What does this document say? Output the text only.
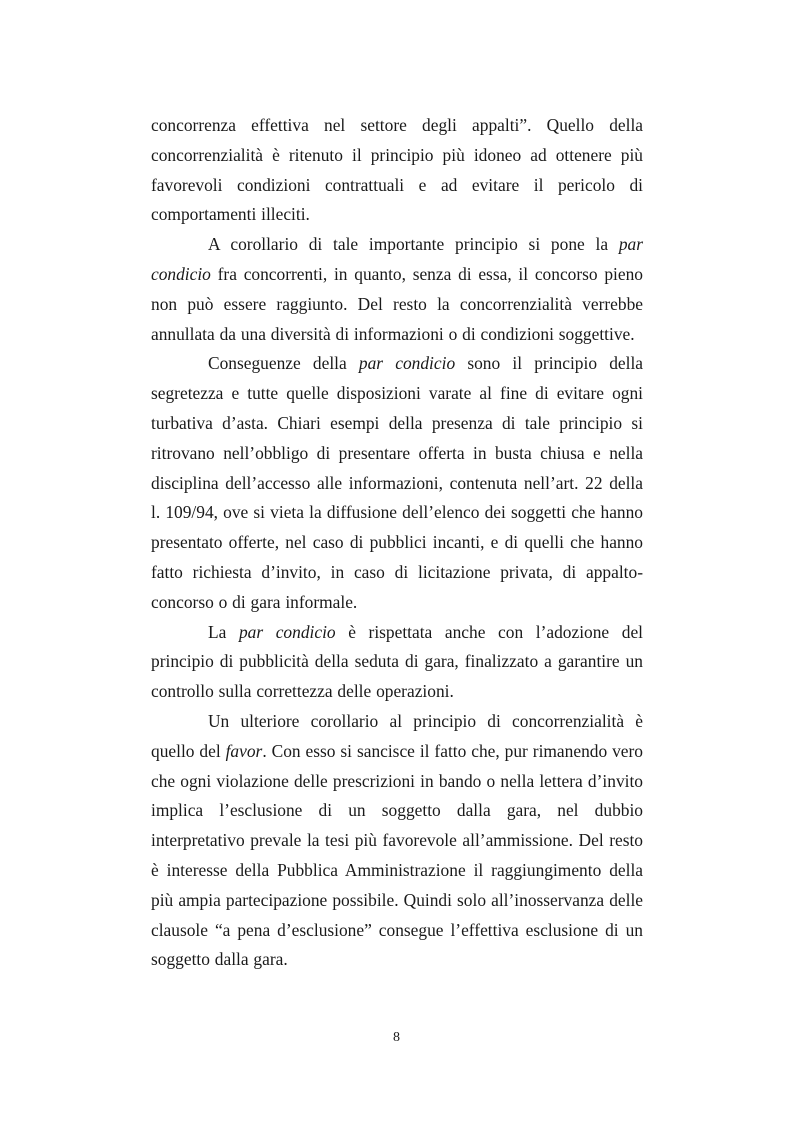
concorrenza effettiva nel settore degli appalti”. Quello della concorrenzialità è ritenuto il principio più idoneo ad ottenere più favorevoli condizioni contrattuali e ad evitare il pericolo di comportamenti illeciti.

A corollario di tale importante principio si pone la par condicio fra concorrenti, in quanto, senza di essa, il concorso pieno non può essere raggiunto. Del resto la concorrenzialità verrebbe annullata da una diversità di informazioni o di condizioni soggettive.

Conseguenze della par condicio sono il principio della segretezza e tutte quelle disposizioni varate al fine di evitare ogni turbativa d’asta. Chiari esempi della presenza di tale principio si ritrovano nell’obbligo di presentare offerta in busta chiusa e nella disciplina dell’accesso alle informazioni, contenuta nell’art. 22 della l. 109/94, ove si vieta la diffusione dell’elenco dei soggetti che hanno presentato offerte, nel caso di pubblici incanti, e di quelli che hanno fatto richiesta d’invito, in caso di licitazione privata, di appalto-concorso o di gara informale.

La par condicio è rispettata anche con l’adozione del principio di pubblicità della seduta di gara, finalizzato a garantire un controllo sulla correttezza delle operazioni.

Un ulteriore corollario al principio di concorrenzialità è quello del favor. Con esso si sancisce il fatto che, pur rimanendo vero che ogni violazione delle prescrizioni in bando o nella lettera d’invito implica l’esclusione di un soggetto dalla gara, nel dubbio interpretativo prevale la tesi più favorevole all’ammissione. Del resto è interesse della Pubblica Amministrazione il raggiungimento della più ampia partecipazione possibile. Quindi solo all’inosservanza delle clausole “a pena d’esclusione” consegue l’effettiva esclusione di un soggetto dalla gara.

8
